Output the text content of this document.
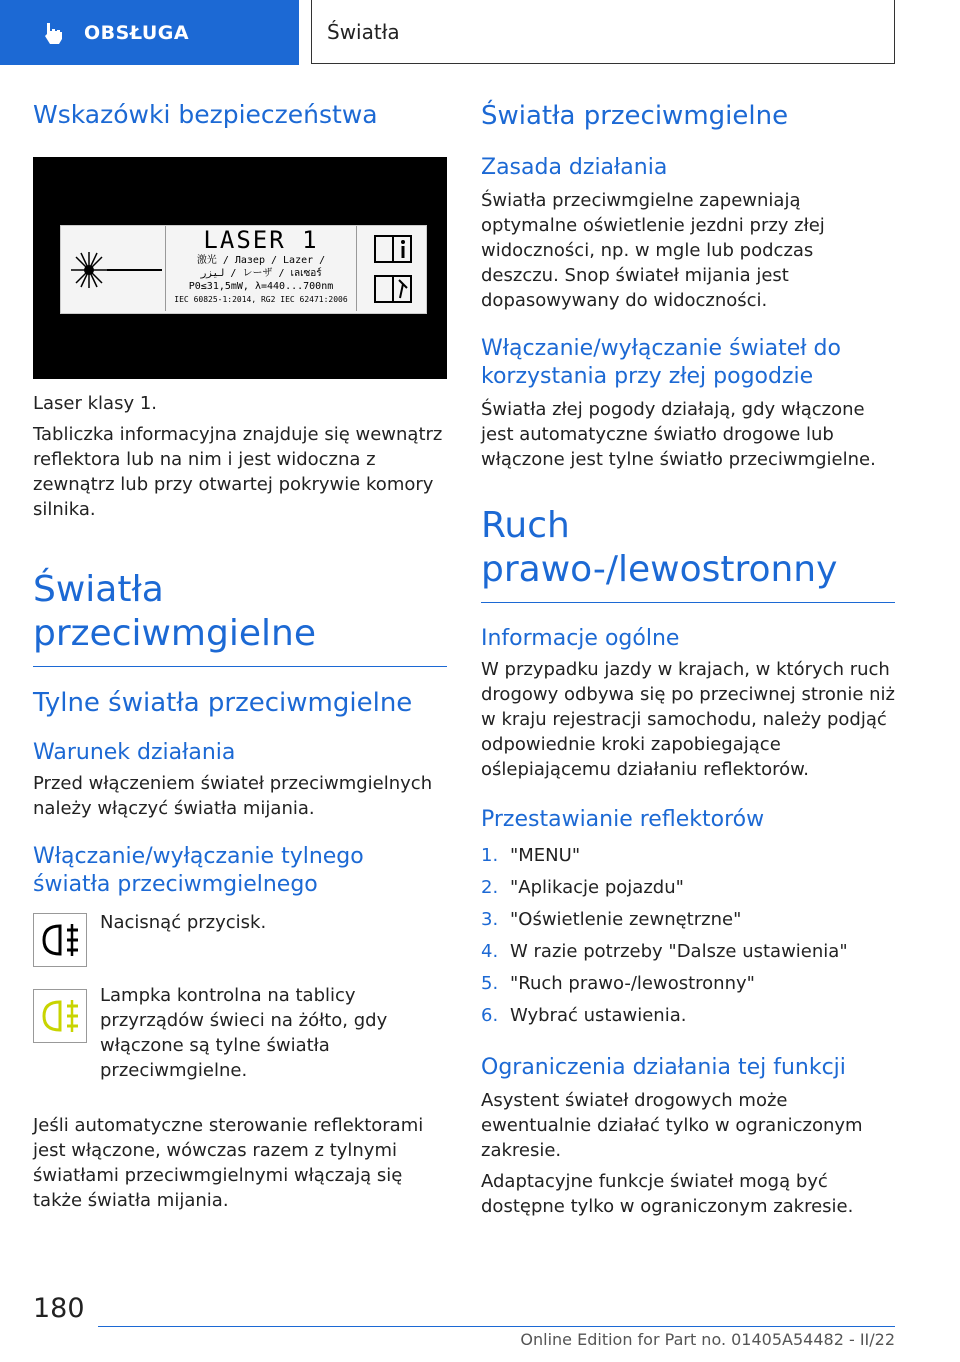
OBSŁUGA	Światła
Wskazówki bezpieczeństwa
LASER 1
激光 / Лазер / Lazer /
ليزر / レーザ / เลเซอร์
P0≤31,5mW, λ=440...700nm
IEC 60825-1:2014, RG2 IEC 62471:2006

Laser klasy 1.

Tabliczka informacyjna znajduje się wewnątrz reflektora lub na nim i jest widoczna z zewnątrz lub przy otwartej pokrywie komory silnika.

Światła przeciwmgielne
Tylne światła przeciwmgielne
Warunek działania

Przed włączeniem świateł przeciwmgielnych należy włączyć światła mijania.

Włączanie/wyłączanie tylnego światła przeciwmgielnego

Nacisnąć przycisk.

Lampka kontrolna na tablicy przyrządów świeci na żółto, gdy włączone są tylne światła przeciwmgielne.

Jeśli automatyczne sterowanie reflektorami jest włączone, wówczas razem z tylnymi światłami przeciwmgielnymi włączają się także światła mijania.

Światła przeciwmgielne
Zasada działania

Światła przeciwmgielne zapewniają optymalne oświetlenie jezdni przy złej widoczności, np. w mgle lub podczas deszczu. Snop świateł mijania jest dopasowywany do widoczności.

Włączanie/wyłączanie świateł do korzystania przy złej pogodzie

Światła złej pogody działają, gdy włączone jest automatyczne światło drogowe lub włączone jest tylne światło przeciwmgielne.

Ruch prawo-/lewostronny
Informacje ogólne

W przypadku jazdy w krajach, w których ruch drogowy odbywa się po przeciwnej stronie niż w kraju rejestracji samochodu, należy podjąć odpowiednie kroki zapobiegające oślepiającemu działaniu reflektorów.

Przestawianie reflektorów
1. "MENU"
2. "Aplikacje pojazdu"
3. "Oświetlenie zewnętrzne"
4. W razie potrzeby "Dalsze ustawienia"
5. "Ruch prawo-/lewostronny"
6. Wybrać ustawienia.
Ograniczenia działania tej funkcji

Asystent świateł drogowych może ewentualnie działać tylko w ograniczonym zakresie.

Adaptacyjne funkcje świateł mogą być dostępne tylko w ograniczonym zakresie.

180
Online Edition for Part no. 01405A54482 - II/22
